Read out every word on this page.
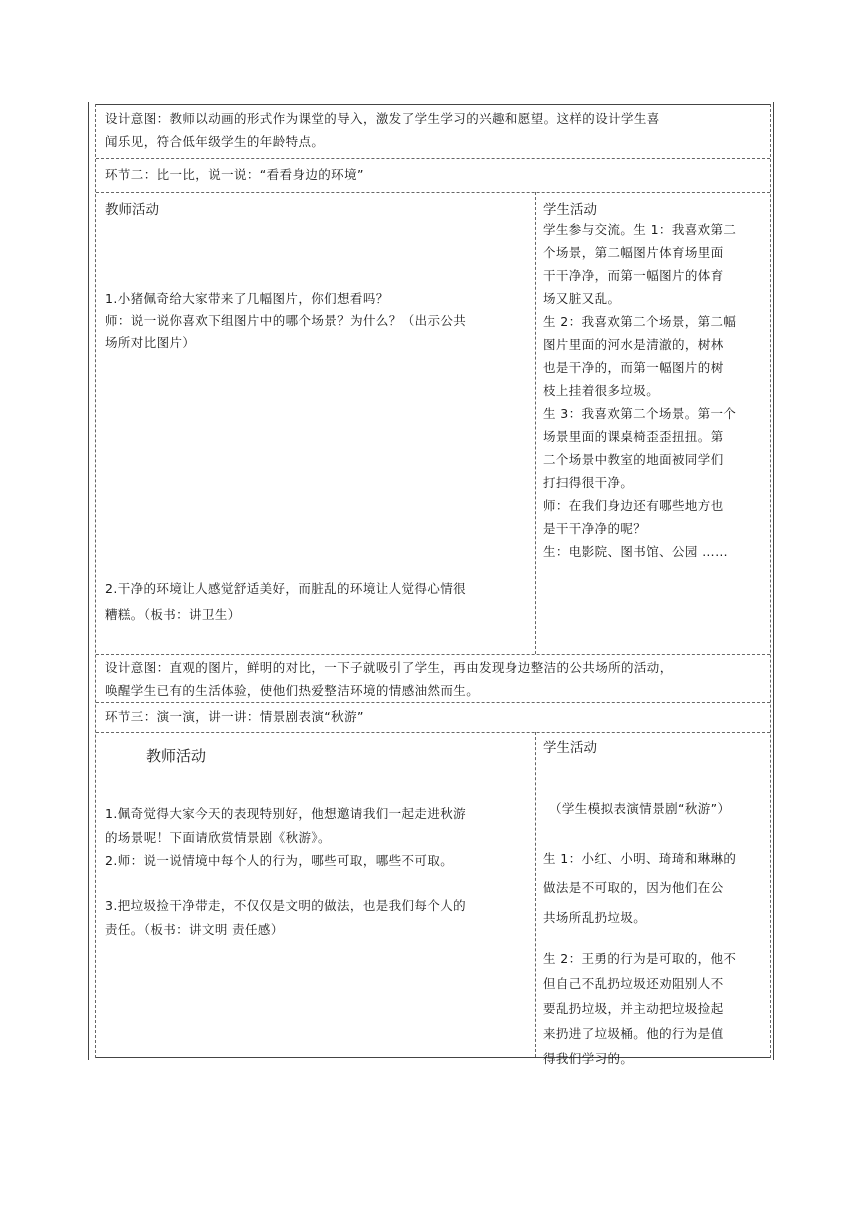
设计意图：教师以动画的形式作为课堂的导入，激发了学生学习的兴趣和愿望。这样的设计学生喜
闻乐见，符合低年级学生的年龄特点。
环节二：比一比，说一说：“看看身边的环境”
教师活动
1.小猪佩奇给大家带来了几幅图片，你们想看吗？
师：说一说你喜欢下组图片中的哪个场景？为什么？（出示公共
场所对比图片）
2.干净的环境让人感觉舒适美好，而脏乱的环境让人觉得心情很
糟糕。（板书：讲卫生）
学生活动
学生参与交流。生 1：我喜欢第二
个场景，第二幅图片体育场里面
干干净净，而第一幅图片的体育
场又脏又乱。
生 2：我喜欢第二个场景，第二幅
图片里面的河水是清澈的，树林
也是干净的，而第一幅图片的树
枝上挂着很多垃圾。
生 3：我喜欢第二个场景。第一个
场景里面的课桌椅歪歪扭扭。第
二个场景中教室的地面被同学们
打扫得很干净。
师：在我们身边还有哪些地方也
是干干净净的呢？
生：电影院、图书馆、公园 ……
设计意图：直观的图片，鲜明的对比，一下子就吸引了学生，再由发现身边整洁的公共场所的活动，
唤醒学生已有的生活体验，使他们热爱整洁环境的情感油然而生。
环节三：演一演，讲一讲：情景剧表演“秋游”
教师活动
1.佩奇觉得大家今天的表现特别好，他想邀请我们一起走进秋游
的场景呢！下面请欣赏情景剧《秋游》。
2.师：说一说情境中每个人的行为，哪些可取，哪些不可取。
3.把垃圾捡干净带走，不仅仅是文明的做法，也是我们每个人的
责任。（板书：讲文明 责任感）
学生活动
（学生模拟表演情景剧“秋游”）
生 1：小红、小明、琦琦和琳琳的
做法是不可取的，因为他们在公
共场所乱扔垃圾。
生 2：王勇的行为是可取的，他不
但自己不乱扔垃圾还劝阻别人不
要乱扔垃圾，并主动把垃圾捡起
来扔进了垃圾桶。他的行为是值
得我们学习的。
